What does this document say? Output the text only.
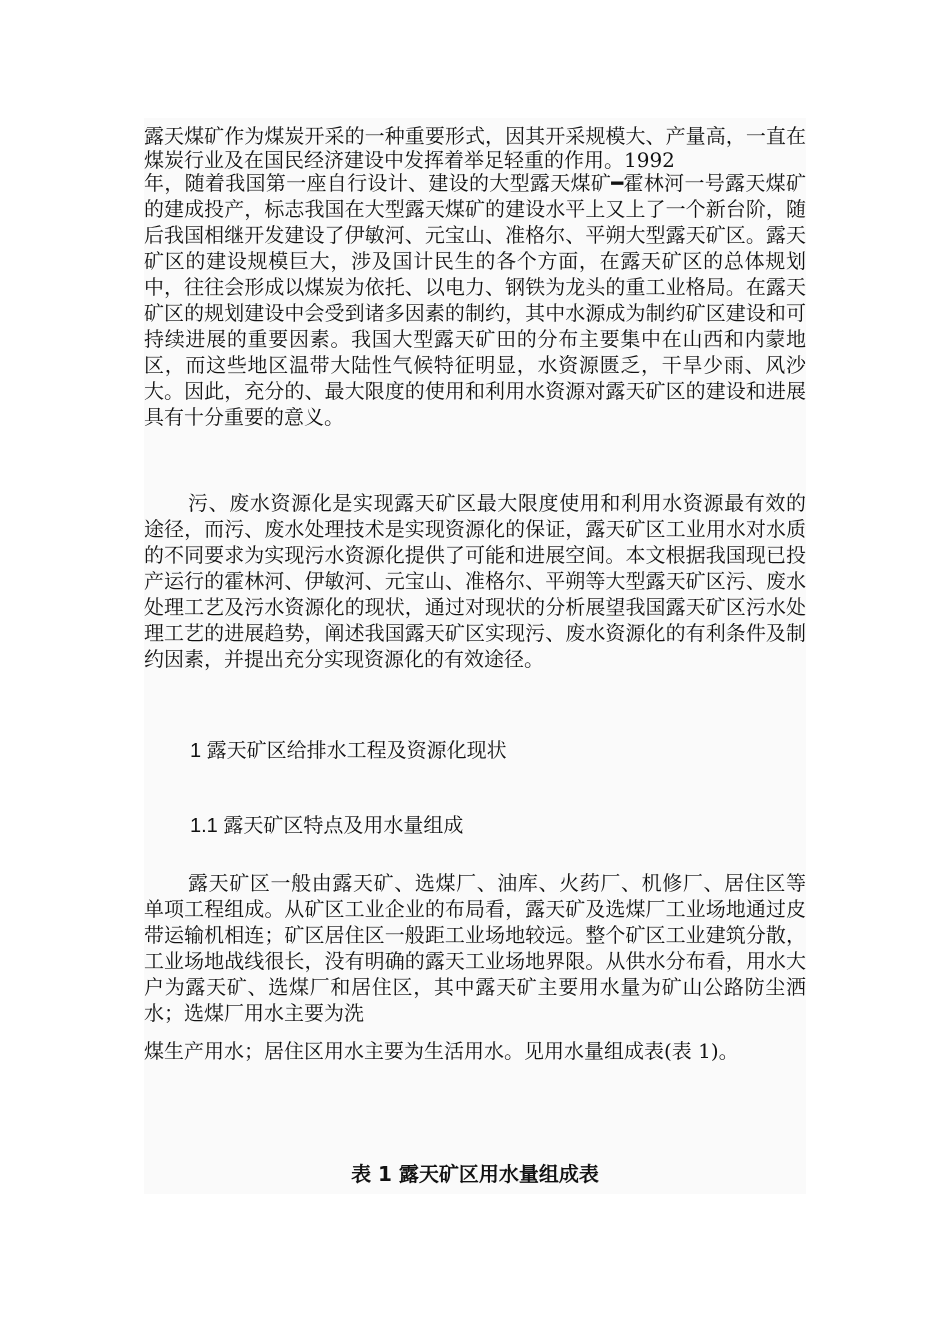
露天煤矿作为煤炭开采的一种重要形式，因其开采规模大、产量高，一直在煤炭行业及在国民经济建设中发挥着举足轻重的作用。1992
年，随着我国第一座自行设计、建设的大型露天煤矿━霍林河一号露天煤矿的建成投产，标志我国在大型露天煤矿的建设水平上又上了一个新台阶，随后我国相继开发建设了伊敏河、元宝山、准格尔、平朔大型露天矿区。露天矿区的建设规模巨大，涉及国计民生的各个方面，在露天矿区的总体规划中，往往会形成以煤炭为依托、以电力、钢铁为龙头的重工业格局。在露天矿区的规划建设中会受到诸多因素的制约，其中水源成为制约矿区建设和可持续进展的重要因素。我国大型露天矿田的分布主要集中在山西和内蒙地区，而这些地区温带大陆性气候特征明显，水资源匮乏，干旱少雨、风沙大。因此，充分的、最大限度的使用和利用水资源对露天矿区的建设和进展具有十分重要的意义。

污、废水资源化是实现露天矿区最大限度使用和利用水资源最有效的途径，而污、废水处理技术是实现资源化的保证，露天矿区工业用水对水质的不同要求为实现污水资源化提供了可能和进展空间。本文根据我国现已投产运行的霍林河、伊敏河、元宝山、准格尔、平朔等大型露天矿区污、废水处理工艺及污水资源化的现状，通过对现状的分析展望我国露天矿区污水处理工艺的进展趋势，阐述我国露天矿区实现污、废水资源化的有利条件及制约因素，并提出充分实现资源化的有效途径。

1 露天矿区给排水工程及资源化现状

1.1 露天矿区特点及用水量组成

露天矿区一般由露天矿、选煤厂、油库、火药厂、机修厂、居住区等单项工程组成。从矿区工业企业的布局看，露天矿及选煤厂工业场地通过皮带运输机相连；矿区居住区一般距工业场地较远。整个矿区工业建筑分散，工业场地战线很长，没有明确的露天工业场地界限。从供水分布看，用水大户为露天矿、选煤厂和居住区，其中露天矿主要用水量为矿山公路防尘洒水；选煤厂用水主要为洗
煤生产用水；居住区用水主要为生活用水。见用水量组成表(表 1)。

表 1 露天矿区用水量组成表
